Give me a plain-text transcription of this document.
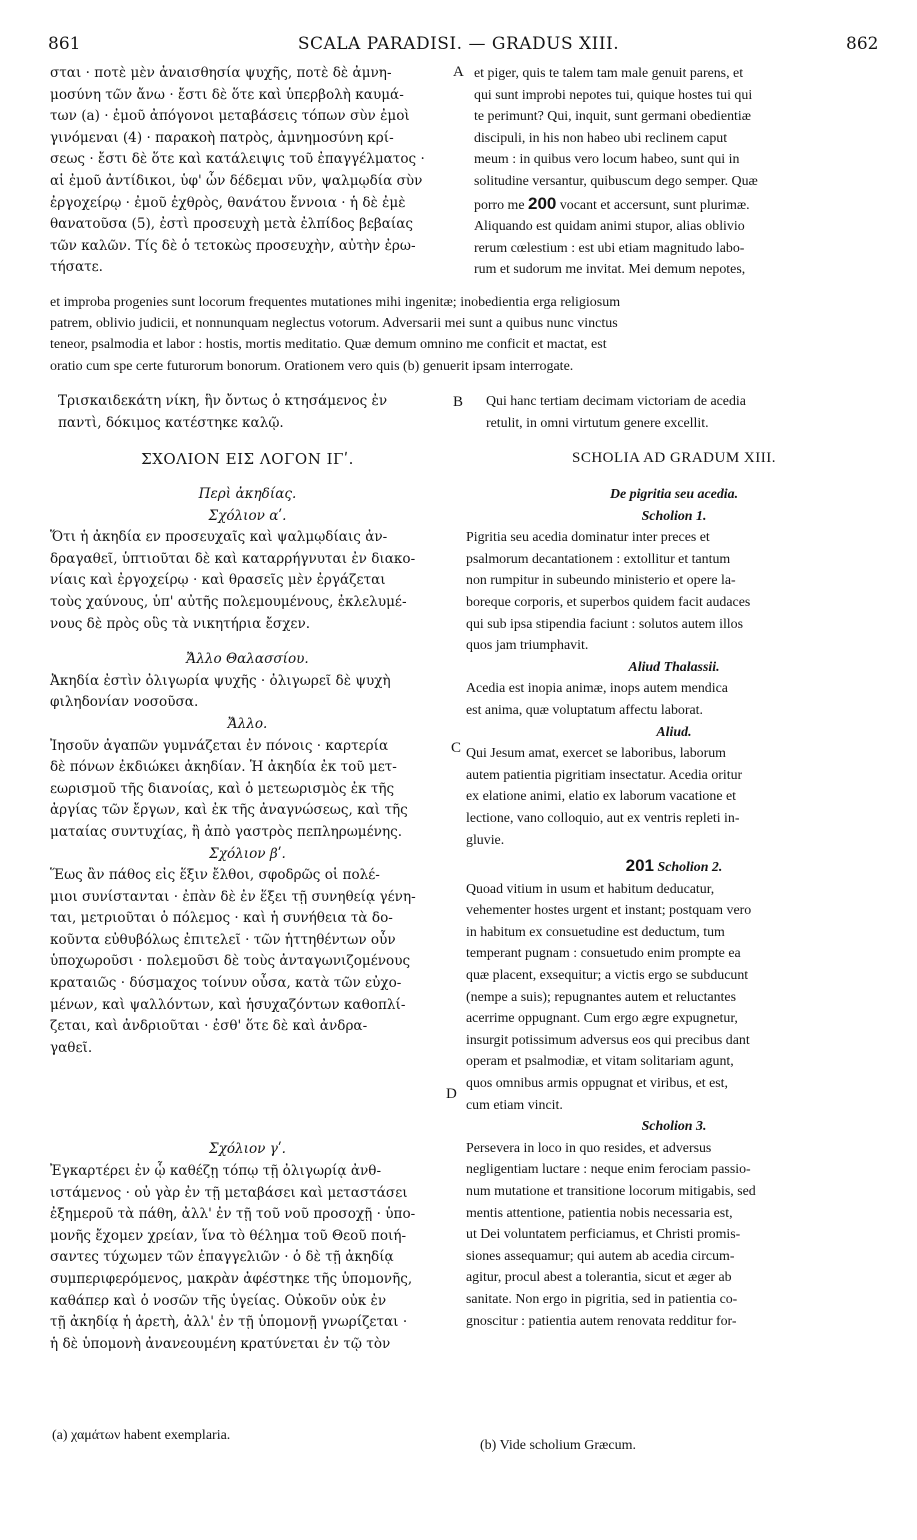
861	SCALA PARADISI. — GRADUS XIII.	862
A
B
C
D
σται · ποτὲ μὲν ἀναισθησία ψυχῆς, ποτὲ δὲ ἀμνη-
μοσύνη τῶν ἄνω · ἔστι δὲ ὅτε καὶ ὑπερβολὴ καυμά-
των (a) · ἐμοῦ ἀπόγονοι μεταβάσεις τόπων σὺν ἐμοὶ
γινόμεναι (4) · παρακοὴ πατρὸς, ἀμνημοσύνη κρί-
σεως · ἔστι δὲ ὅτε καὶ κατάλειψις τοῦ ἐπαγγέλματος ·
αἱ ἐμοῦ ἀντίδικοι, ὑφ' ὧν δέδεμαι νῦν, ψαλμῳδία σὺν
ἐργοχείρῳ · ἐμοῦ ἐχθρὸς, θανάτου ἔννοια · ἡ δὲ ἐμὲ
θανατοῦσα (5), ἐστὶ προσευχὴ μετὰ ἐλπίδος βεβαίας
τῶν καλῶν. Τίς δὲ ὁ τετοκὼς προσευχὴν, αὐτὴν ἐρω-
τήσατε.
et piger, quis te talem tam male genuit parens, et
qui sunt improbi nepotes tui, quique hostes tui qui
te perimunt? Qui, inquit, sunt germani obedientiæ
discipuli, in his non habeo ubi reclinem caput
meum : in quibus vero locum habeo, sunt qui in
solitudine versantur, quibuscum dego semper. Quæ
porro me 200 vocant et accersunt, sunt plurimæ.
Aliquando est quidam animi stupor, alias oblivio
rerum cœlestium : est ubi etiam magnitudo labo-
rum et sudorum me invitat. Mei demum nepotes,
et improba progenies sunt locorum frequentes mutationes mihi ingenitæ; inobedientia erga religiosum
patrem, oblivio judicii, et nonnunquam neglectus votorum. Adversarii mei sunt a quibus nunc vinctus
teneor, psalmodia et labor : hostis, mortis meditatio. Quæ demum omnino me conficit et mactat, est
oratio cum spe certe futurorum bonorum. Orationem vero quis (b) genuerit ipsam interrogate.
Τρισκαιδεκάτη νίκη, ἣν ὄντως ὁ κτησάμενος ἐν
παντὶ, δόκιμος κατέστηκε καλῷ.
Qui hanc tertiam decimam victoriam de acedia
retulit, in omni virtutum genere excellit.
ΣΧΟΛΙΟΝ ΕΙΣ ΛΟΓΟΝ ΙΓʹ.
Περὶ ἀκηδίας.
Σχόλιον αʹ.
Ὅτι ἡ ἀκηδία εν προσευχαῖς καὶ ψαλμῳδίαις ἀν-
δραγαθεῖ, ὑπτιοῦται δὲ καὶ καταρρήγνυται ἐν διακο-
νίαις καὶ ἐργοχείρῳ · καὶ θρασεῖς μὲν ἐργάζεται
τοὺς χαύνους, ὑπ' αὐτῆς πολεμουμένους, ἐκλελυμέ-
νους δὲ πρὸς οὓς τὰ νικητήρια ἔσχεν.
Ἄλλο Θαλασσίου.
Ἀκηδία ἐστὶν ὀλιγωρία ψυχῆς · ὀλιγωρεῖ δὲ ψυχὴ
φιληδονίαν νοσοῦσα.
Ἄλλο.
Ἰησοῦν ἀγαπῶν γυμνάζεται ἐν πόνοις · καρτερία
δὲ πόνων ἐκδιώκει ἀκηδίαν. Ἡ ἀκηδία ἐκ τοῦ μετ-
εωρισμοῦ τῆς διανοίας, καὶ ὁ μετεωρισμὸς ἐκ τῆς
ἀργίας τῶν ἔργων, καὶ ἐκ τῆς ἀναγνώσεως, καὶ τῆς
ματαίας συντυχίας, ἢ ἀπὸ γαστρὸς πεπληρωμένης.
Σχόλιον βʹ.
Ἕως ἂν πάθος εἰς ἕξιν ἔλθοι, σφοδρῶς οἱ πολέ-
μιοι συνίστανται · ἐπὰν δὲ ἐν ἕξει τῇ συνηθείᾳ γένη-
ται, μετριοῦται ὁ πόλεμος · καὶ ἡ συνήθεια τὰ δο-
κοῦντα εὐθυβόλως ἐπιτελεῖ · τῶν ἡττηθέντων οὖν
ὑποχωροῦσι · πολεμοῦσι δὲ τοὺς ἀνταγωνιζομένους
κραταιῶς · δύσμαχος τοίνυν οὖσα, κατὰ τῶν εὐχο-
μένων, καὶ ψαλλόντων, καὶ ἡσυχαζόντων καθοπλί-
ζεται, καὶ ἀνδριοῦται · ἐσθ' ὅτε δὲ καὶ ἀνδρα-
γαθεῖ.
Σχόλιον γʹ.
Ἐγκαρτέρει ἐν ᾧ καθέζῃ τόπῳ τῇ ὀλιγωρίᾳ ἀνθ-
ιστάμενος · οὐ γὰρ ἐν τῇ μεταβάσει καὶ μεταστάσει
ἐξημεροῦ τὰ πάθη, ἀλλ' ἐν τῇ τοῦ νοῦ προσοχῇ · ὑπο-
μονῆς ἔχομεν χρείαν, ἵνα τὸ θέλημα τοῦ Θεοῦ ποιή-
σαντες τύχωμεν τῶν ἐπαγγελιῶν · ὁ δὲ τῇ ἀκηδίᾳ
συμπεριφερόμενος, μακρὰν ἀφέστηκε τῆς ὑπομονῆς,
καθάπερ καὶ ὁ νοσῶν τῆς ὑγείας. Οὐκοῦν οὐκ ἐν
τῇ ἀκηδίᾳ ἡ ἀρετὴ, ἀλλ' ἐν τῇ ὑπομονῇ γνωρίζεται ·
ἡ δὲ ὑπομονὴ ἀνανεουμένη κρατύνεται ἐν τῷ τὸν
SCHOLIA AD GRADUM XIII.
De pigritia seu acedia.
Scholion 1.
Pigritia seu acedia dominatur inter preces et
psalmorum decantationem : extollitur et tantum
non rumpitur in subeundo ministerio et opere la-
boreque corporis, et superbos quidem facit audaces
qui sub ipsa stipendia faciunt : solutos autem illos
quos jam triumphavit.
Aliud Thalassii.
Acedia est inopia animæ, inops autem mendica
est anima, quæ voluptatum affectu laborat.
Aliud.
Qui Jesum amat, exercet se laboribus, laborum
autem patientia pigritiam insectatur. Acedia oritur
ex elatione animi, elatio ex laborum vacatione et
lectione, vano colloquio, aut ex ventris repleti in-
gluvie.
201 Scholion 2.
Quoad vitium in usum et habitum deducatur,
vehementer hostes urgent et instant; postquam vero
in habitum ex consuetudine est deductum, tum
temperant pugnam : consuetudo enim prompte ea
quæ placent, exsequitur; a victis ergo se subducunt
(nempe a suis); repugnantes autem et reluctantes
acerrime oppugnant. Cum ergo ægre expugnetur,
insurgit potissimum adversus eos qui precibus dant
operam et psalmodiæ, et vitam solitariam agunt,
quos omnibus armis oppugnat et viribus, et est,
cum etiam vincit.
Scholion 3.
Persevera in loco in quo resides, et adversus
negligentiam luctare : neque enim ferociam passio-
num mutatione et transitione locorum mitigabis, sed
mentis attentione, patientia nobis necessaria est,
ut Dei voluntatem perficiamus, et Christi promis-
siones assequamur; qui autem ab acedia circum-
agitur, procul abest a tolerantia, sicut et æger ab
sanitate. Non ergo in pigritia, sed in patientia co-
gnoscitur : patientia autem renovata redditur for-
(a) χαμάτων habent exemplaria.
(b) Vide scholium Græcum.
